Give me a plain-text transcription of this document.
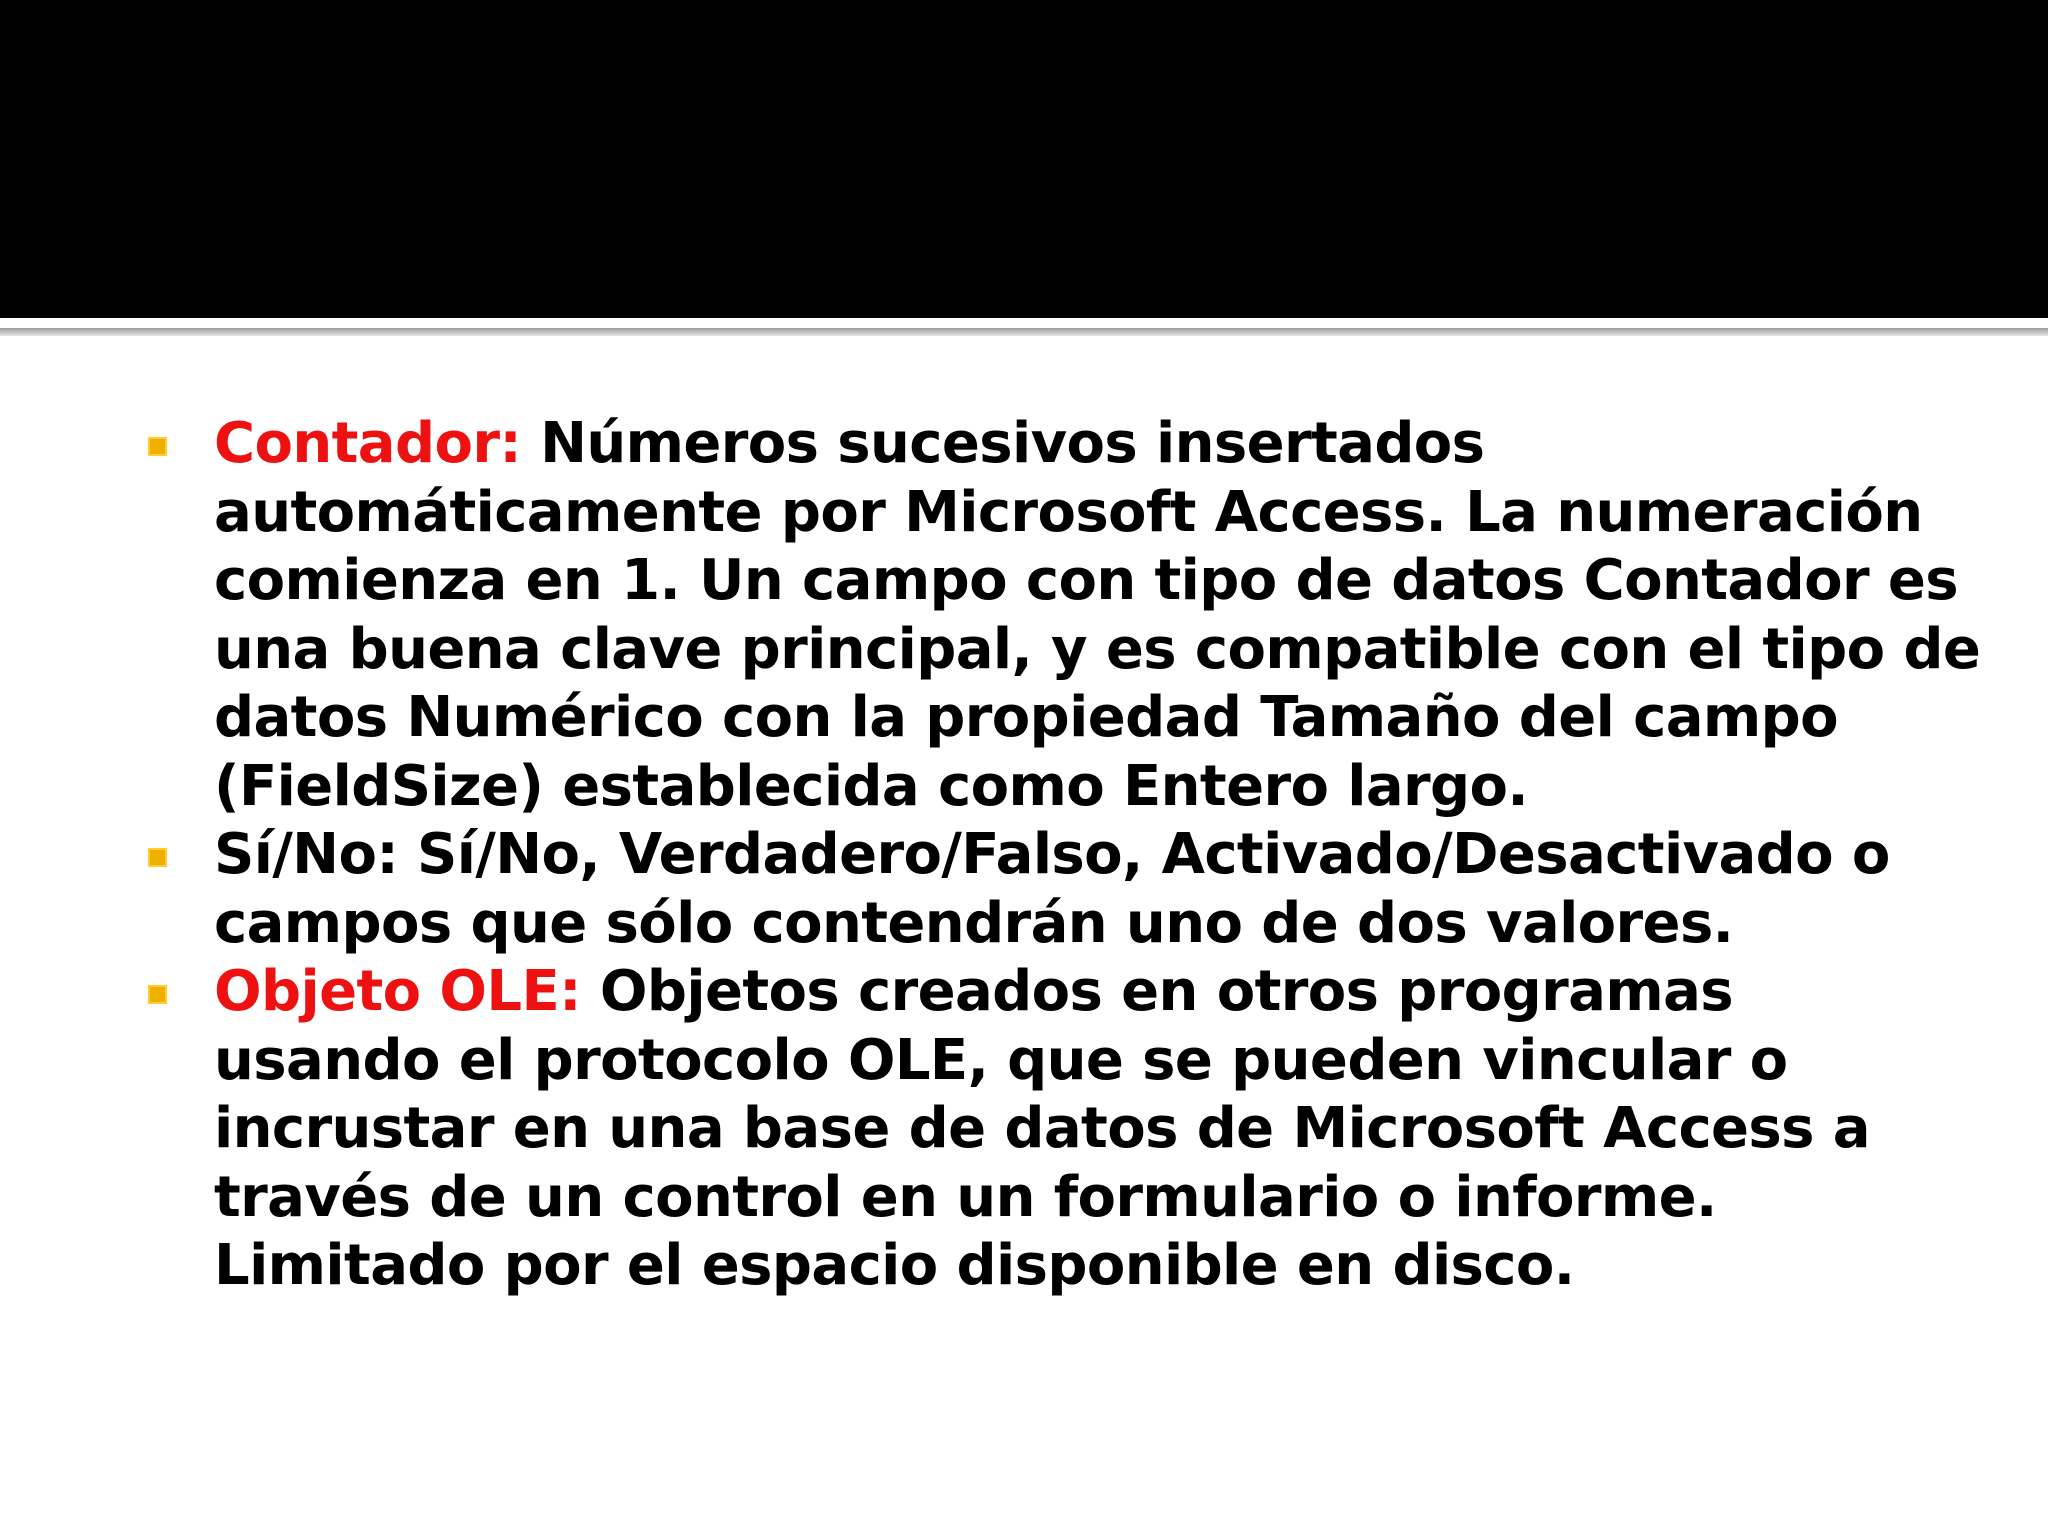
Contador: Números sucesivos insertados
automáticamente por Microsoft Access. La numeración
comienza en 1. Un campo con tipo de datos Contador es
una buena clave principal, y es compatible con el tipo de
datos Numérico con la propiedad Tamaño del campo
(FieldSize) establecida como Entero largo.
Sí/No: Sí/No, Verdadero/Falso, Activado/Desactivado o
campos que sólo contendrán uno de dos valores.
Objeto OLE: Objetos creados en otros programas
usando el protocolo OLE, que se pueden vincular o
incrustar en una base de datos de Microsoft Access a
través de un control en un formulario o informe.
Limitado por el espacio disponible en disco.
